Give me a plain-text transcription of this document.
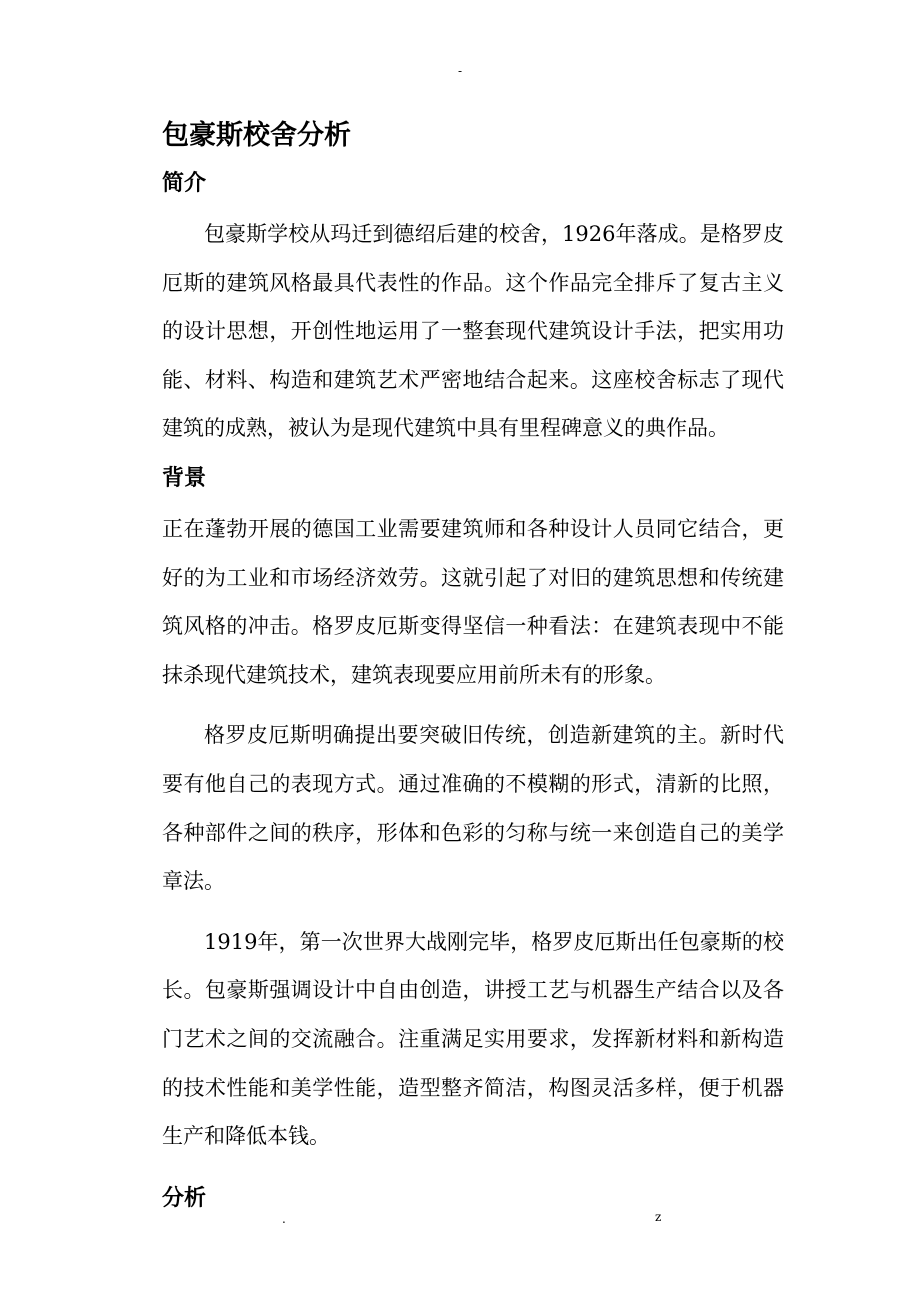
-
包豪斯校舍分析
简介

包豪斯学校从玛迁到德绍后建的校舍，1926年落成。是格罗皮厄斯的建筑风格最具代表性的作品。这个作品完全排斥了复古主义的设计思想，开创性地运用了一整套现代建筑设计手法，把实用功能、材料、构造和建筑艺术严密地结合起来。这座校舍标志了现代建筑的成熟，被认为是现代建筑中具有里程碑意义的典作品。

背景

正在蓬勃开展的德国工业需要建筑师和各种设计人员同它结合，更好的为工业和市场经济效劳。这就引起了对旧的建筑思想和传统建筑风格的冲击。格罗皮厄斯变得坚信一种看法：在建筑表现中不能抹杀现代建筑技术，建筑表现要应用前所未有的形象。

格罗皮厄斯明确提出要突破旧传统，创造新建筑的主。新时代要有他自己的表现方式。通过准确的不模糊的形式，清新的比照，各种部件之间的秩序，形体和色彩的匀称与统一来创造自己的美学章法。

1919年，第一次世界大战刚完毕，格罗皮厄斯出任包豪斯的校长。包豪斯强调设计中自由创造，讲授工艺与机器生产结合以及各门艺术之间的交流融合。注重满足实用要求，发挥新材料和新构造的技术性能和美学性能，造型整齐简洁，构图灵活多样，便于机器生产和降低本钱。

分析
.	z
